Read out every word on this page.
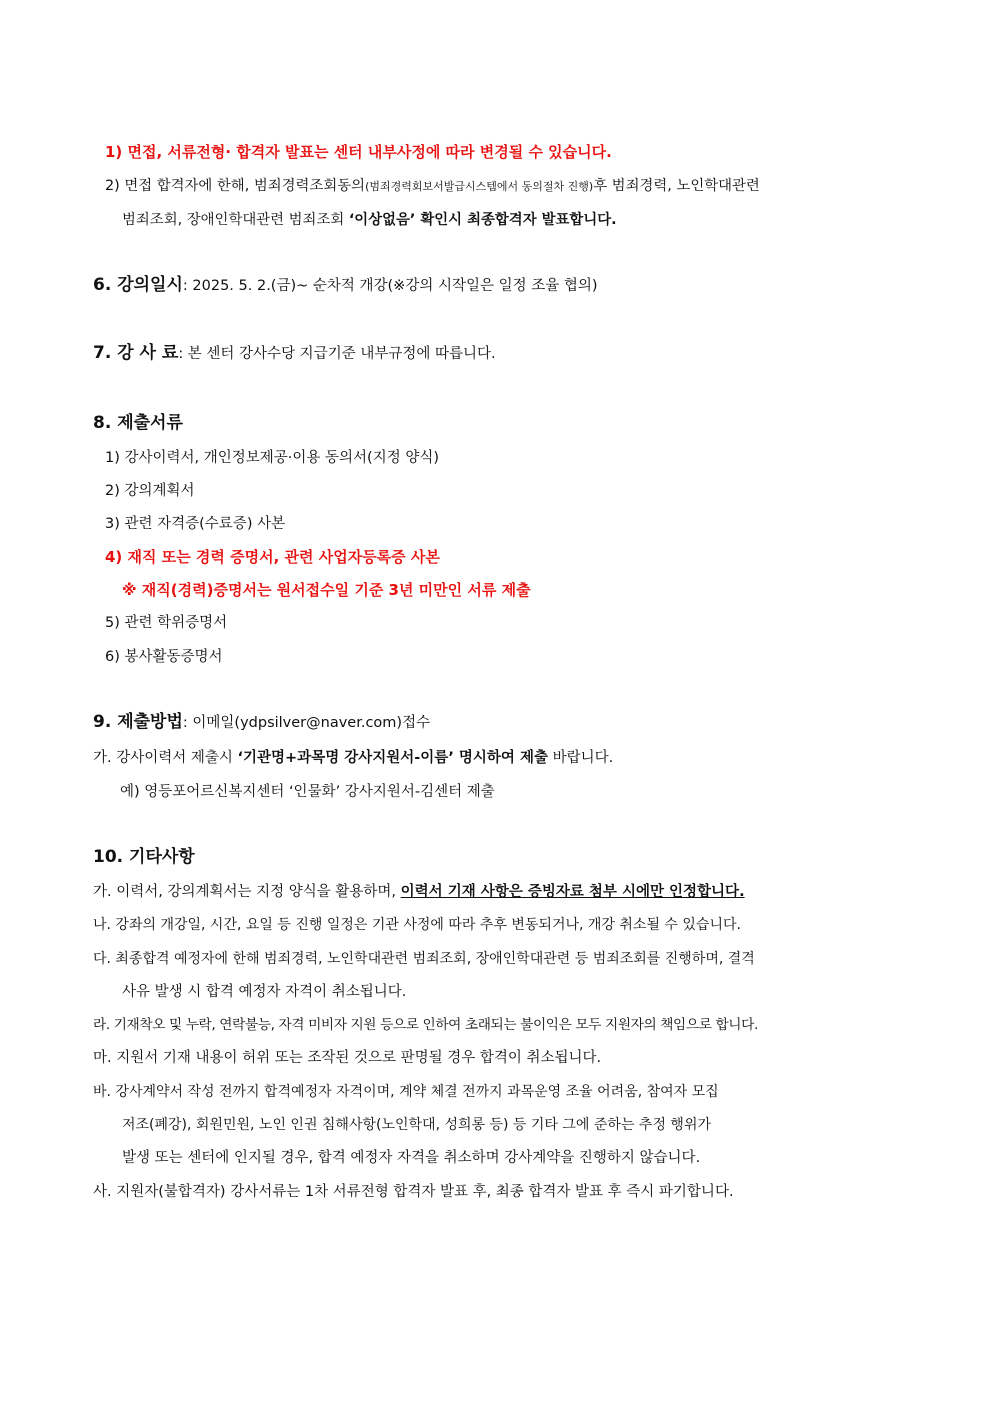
1) 면접, 서류전형· 합격자 발표는 센터 내부사정에 따라 변경될 수 있습니다.
2) 면접 합격자에 한해, 범죄경력조회동의(범죄경력회보서발급시스템에서 동의절차 진행)후 범죄경력, 노인학대관련
범죄조회, 장애인학대관련 범죄조회 ‘이상없음’ 확인시 최종합격자 발표합니다.
6. 강의일시: 2025. 5. 2.(금)~ 순차적 개강(※강의 시작일은 일정 조율 협의)
7. 강 사 료: 본 센터 강사수당 지급기준 내부규정에 따릅니다.
8. 제출서류
1) 강사이력서, 개인정보제공·이용 동의서(지정 양식)
2) 강의계획서
3) 관련 자격증(수료증) 사본
4) 재직 또는 경력 증명서, 관련 사업자등록증 사본
※ 재직(경력)증명서는 원서접수일 기준 3년 미만인 서류 제출
5) 관련 학위증명서
6) 봉사활동증명서
9. 제출방법: 이메일(ydpsilver@naver.com)접수
가. 강사이력서 제출시 ‘기관명+과목명 강사지원서-이름’ 명시하여 제출 바랍니다.
예) 영등포어르신복지센터 ‘인물화’ 강사지원서-김센터 제출
10. 기타사항
가. 이력서, 강의계획서는 지정 양식을 활용하며, 이력서 기재 사항은 증빙자료 첨부 시에만 인정합니다.
나. 강좌의 개강일, 시간, 요일 등 진행 일정은 기관 사정에 따라 추후 변동되거나, 개강 취소될 수 있습니다.
다. 최종합격 예정자에 한해 범죄경력, 노인학대관련 범죄조회, 장애인학대관련 등 범죄조회를 진행하며, 결격
사유 발생 시 합격 예정자 자격이 취소됩니다.
라. 기재착오 및 누락, 연락불능, 자격 미비자 지원 등으로 인하여 초래되는 불이익은 모두 지원자의 책임으로 합니다.
마. 지원서 기재 내용이 허위 또는 조작된 것으로 판명될 경우 합격이 취소됩니다.
바. 강사계약서 작성 전까지 합격예정자 자격이며, 계약 체결 전까지 과목운영 조율 어려움, 참여자 모집
저조(폐강), 회원민원, 노인 인권 침해사항(노인학대, 성희롱 등) 등 기타 그에 준하는 추정 행위가
발생 또는 센터에 인지될 경우, 합격 예정자 자격을 취소하며 강사계약을 진행하지 않습니다.
사. 지원자(불합격자) 강사서류는 1차 서류전형 합격자 발표 후, 최종 합격자 발표 후 즉시 파기합니다.
